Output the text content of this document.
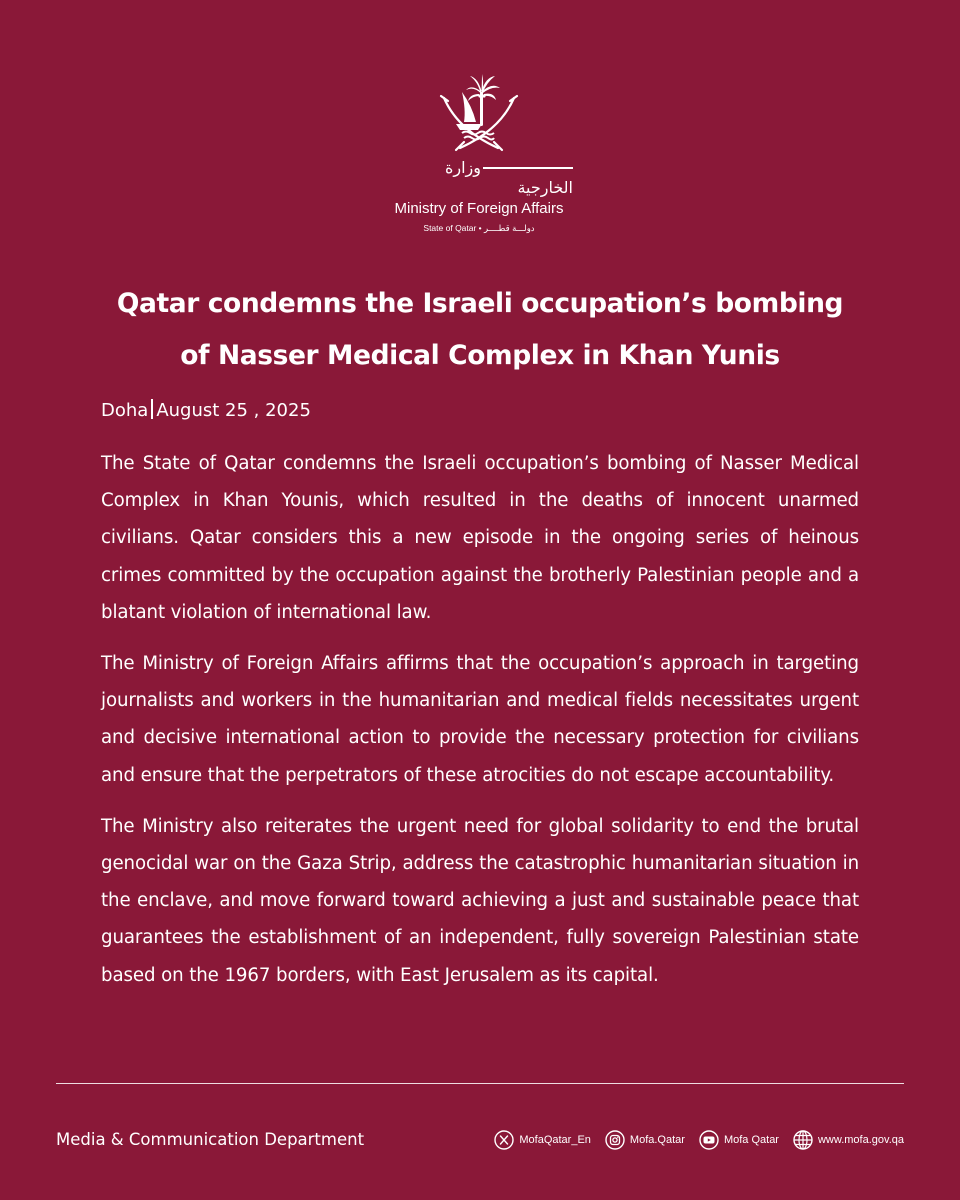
وزارة الخارجية
Ministry of Foreign Affairs
State of Qatar • دولـــة قطــــر
Qatar condemns the Israeli occupation’s bombing
of Nasser Medical Complex in Khan Yunis
Doha August 25 , 2025

The State of Qatar condemns the Israeli occupation’s bombing of Nasser Medical Complex in Khan Younis, which resulted in the deaths of innocent unarmed civilians. Qatar considers this a new episode in the ongoing series of heinous crimes committed by the occupation against the brotherly Palestinian people and a blatant violation of international law.

The Ministry of Foreign Affairs affirms that the occupation’s approach in targeting journalists and workers in the humanitarian and medical fields necessitates urgent and decisive international action to provide the necessary protection for civilians and ensure that the perpetrators of these atrocities do not escape accountability.

The Ministry also reiterates the urgent need for global solidarity to end the brutal genocidal war on the Gaza Strip, address the catastrophic humanitarian situation in the enclave, and move forward toward achieving a just and sustainable peace that guarantees the establishment of an independent, fully sovereign Palestinian state based on the 1967 borders, with East Jerusalem as its capital.

Media & Communication Department	MofaQatar_En	Mofa.Qatar	Mofa Qatar	www.mofa.gov.qa
